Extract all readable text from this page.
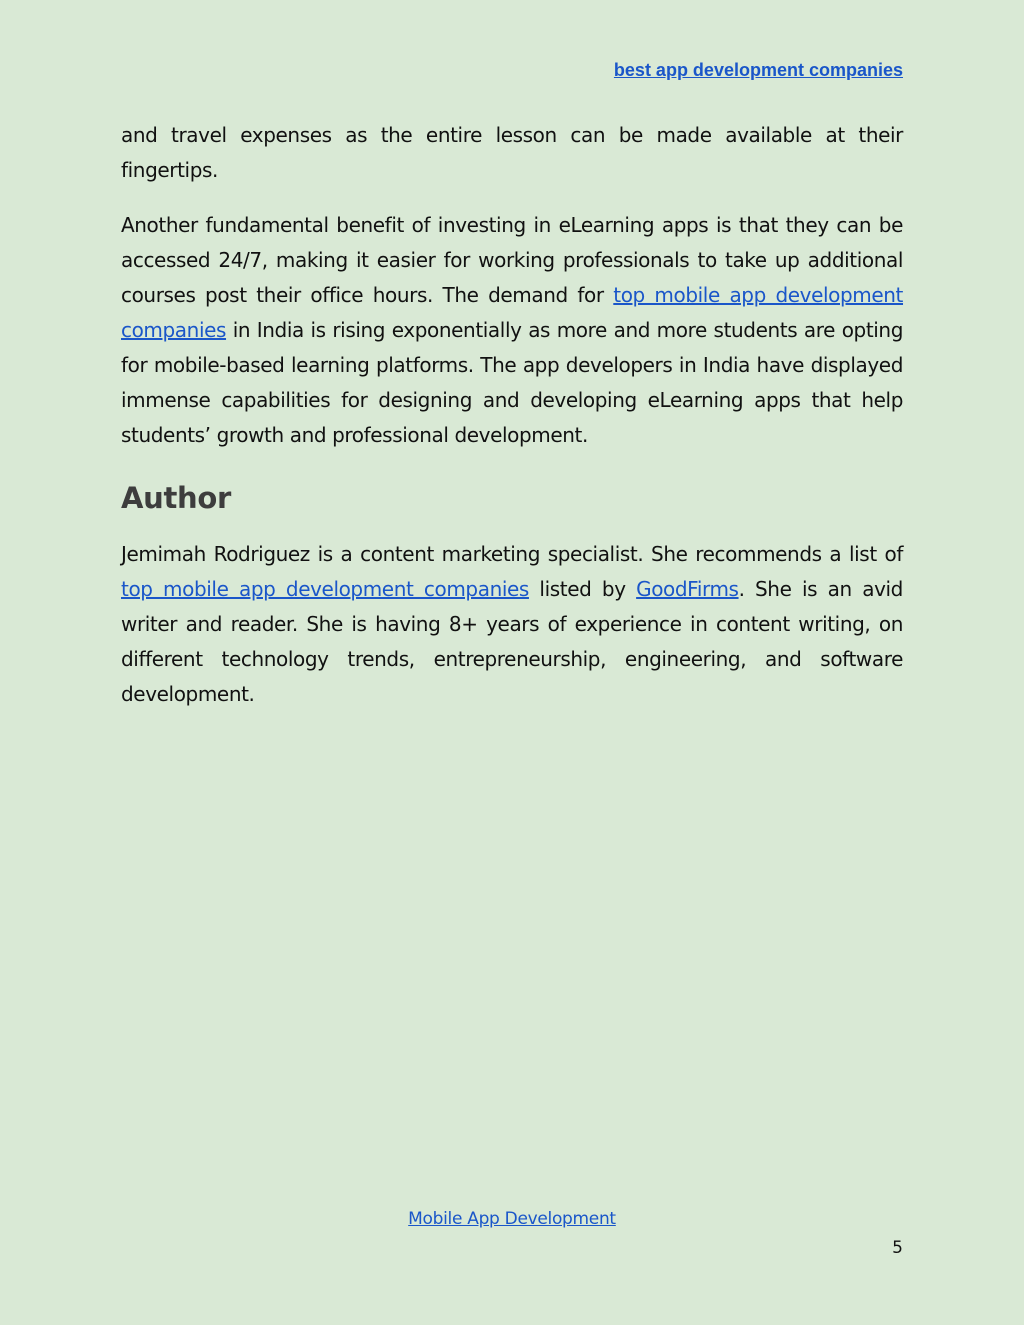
best app development companies

and travel expenses as the entire lesson can be made available at their fingertips.

Another fundamental benefit of investing in eLearning apps is that they can be accessed 24/7, making it easier for working professionals to take up additional courses post their office hours. The demand for top mobile app development companies in India is rising exponentially as more and more students are opting for mobile-based learning platforms. The app developers in India have displayed immense capabilities for designing and developing eLearning apps that help students’ growth and professional development.

Author

Jemimah Rodriguez is a content marketing specialist. She recommends a list of top mobile app development companies listed by GoodFirms. She is an avid writer and reader. She is having 8+ years of experience in content writing, on different technology trends, entrepreneurship, engineering, and software development.

Mobile App Development
5
